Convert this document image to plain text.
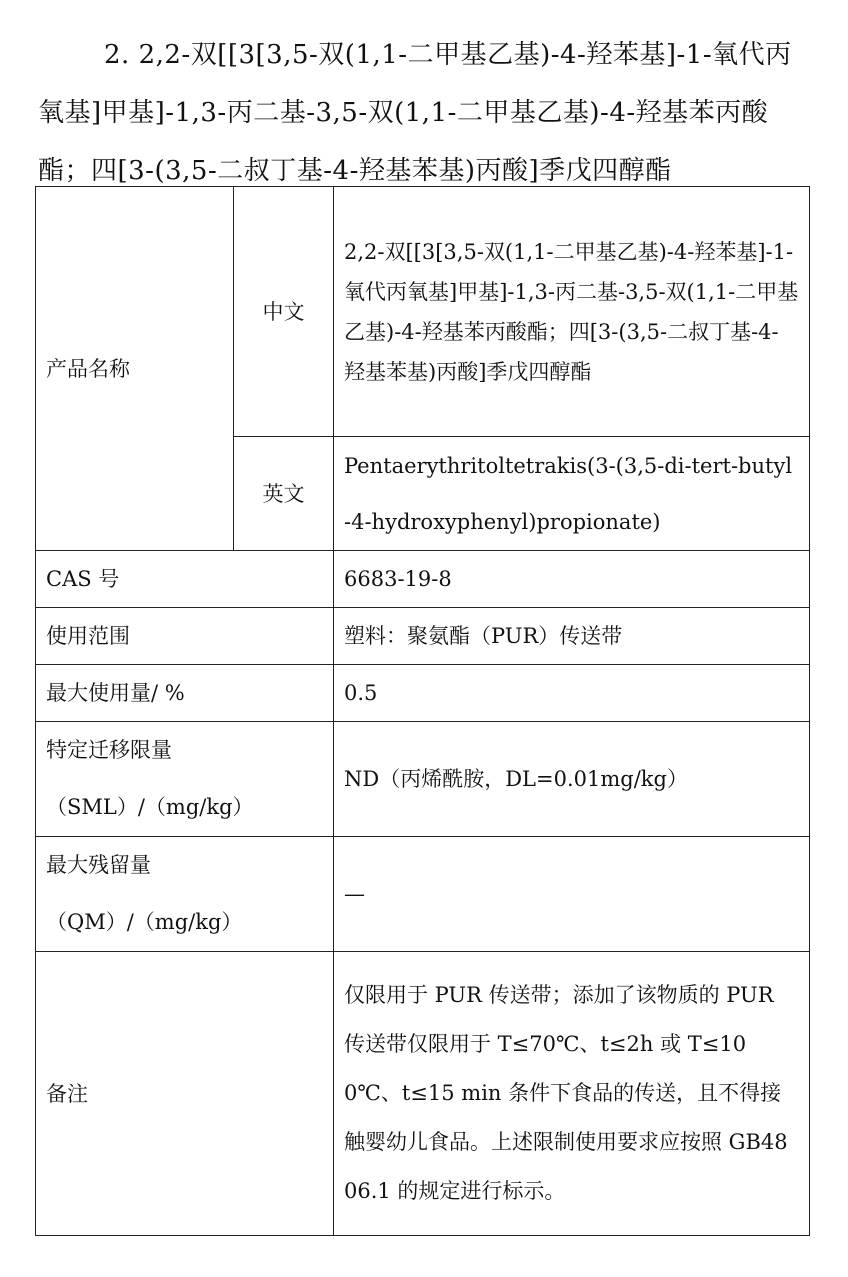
2. 2,2-双[[3[3,5-双(1,1-二甲基乙基)-4-羟苯基]-1-氧代丙氧基]甲基]-1,3-丙二基-3,5-双(1,1-二甲基乙基)-4-羟基苯丙酸酯；四[3-(3,5-二叔丁基-4-羟基苯基)丙酸]季戊四醇酯
产品名称	中文	2,2-双[[3[3,5-双(1,1-二甲基乙基)-4-羟苯基]-1-氧代丙氧基]甲基]-1,3-丙二基-3,5-双(1,1-二甲基乙基)-4-羟基苯丙酸酯；四[3-(3,5-二叔丁基-4-羟基苯基)丙酸]季戊四醇酯

	英文	Pentaerythritoltetrakis(3-(3,5-di-tert-butyl-4-hydroxyphenyl)propionate)

CAS 号		6683-19-8
使用范围		塑料：聚氨酯（PUR）传送带
最大使用量/ %		0.5

特定迁移限量
（SML）/（mg/kg）		ND（丙烯酰胺，DL=0.01mg/kg）

最大残留量
（QM）/（mg/kg）		—
备注		仅限用于 PUR 传送带；添加了该物质的 PUR 传送带仅限用于 T≤70℃、t≤2h 或 T≤100℃、t≤15 min 条件下食品的传送，且不得接触婴幼儿食品。上述限制使用要求应按照 GB4806.1 的规定进行标示。
